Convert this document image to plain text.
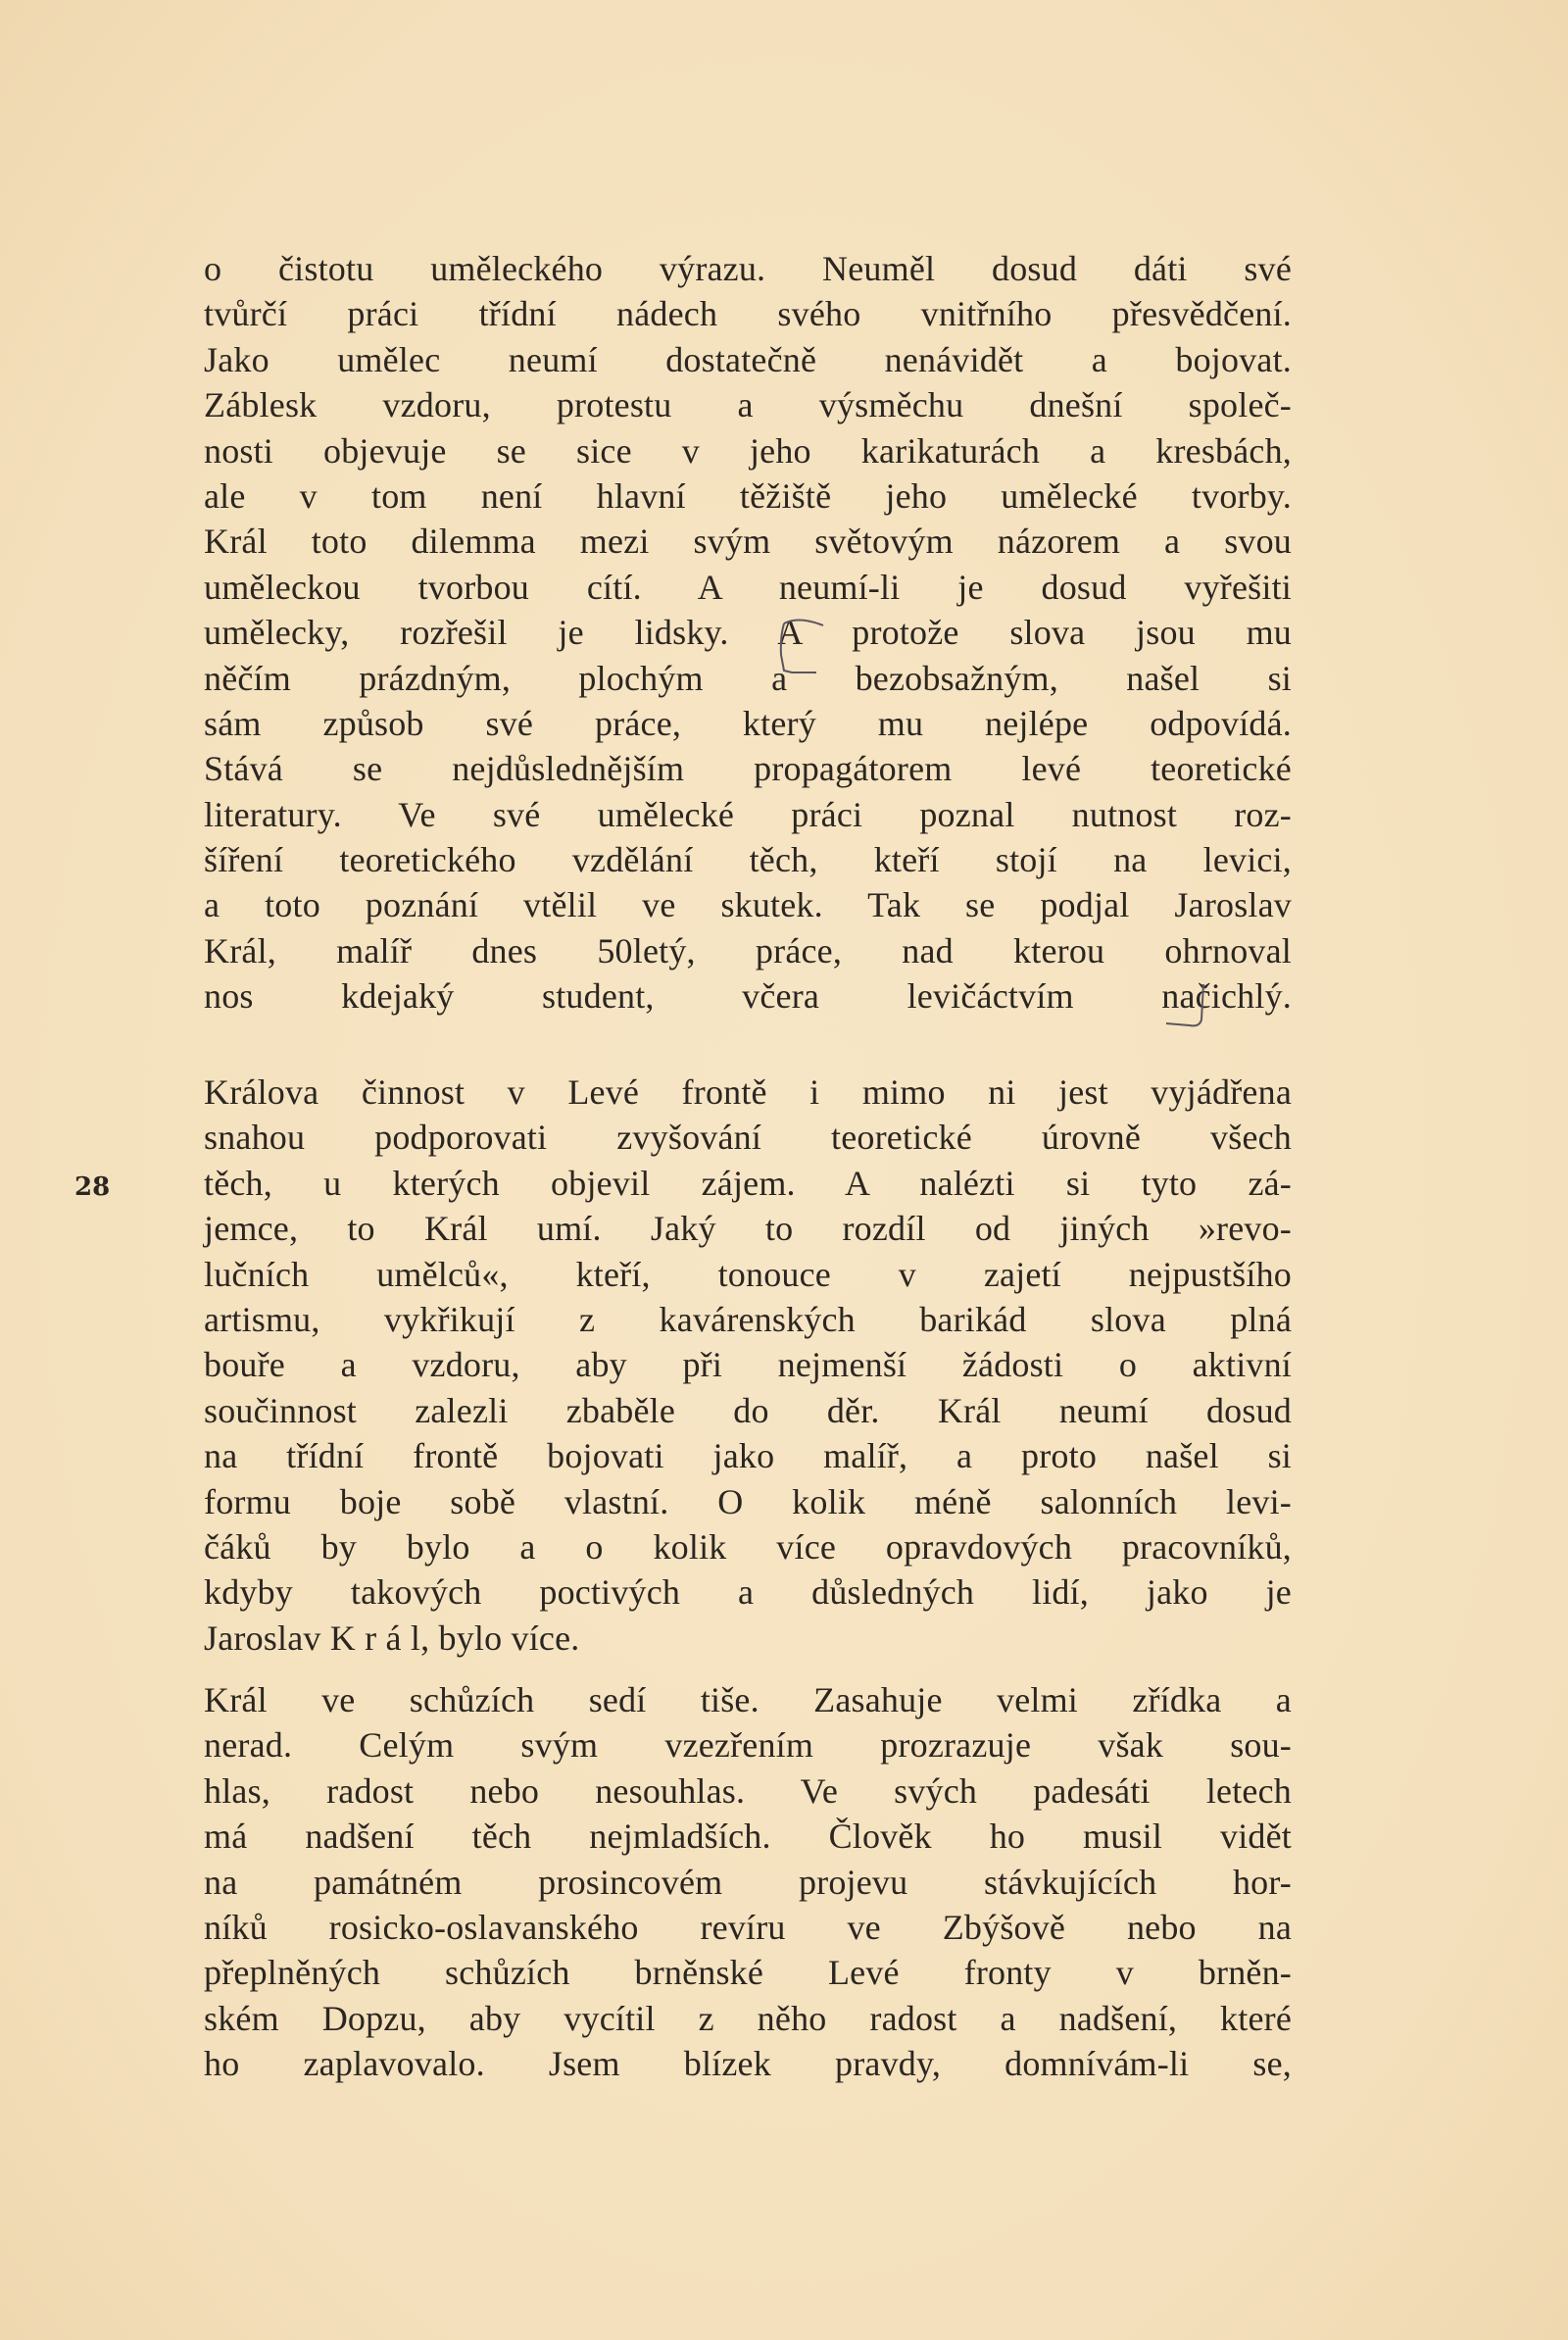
o čistotu uměleckého výrazu. Neuměl dosud dáti své
tvůrčí práci třídní nádech svého vnitřního přesvědčení.
Jako umělec neumí dostatečně nenávidět a bojovat.
Záblesk vzdoru, protestu a výsměchu dnešní společ-
nosti objevuje se sice v jeho karikaturách a kresbách,
ale v tom není hlavní těžiště jeho umělecké tvorby.
Král toto dilemma mezi svým světovým názorem a svou
uměleckou tvorbou cítí. A neumí-li je dosud vyřešiti
umělecky, rozřešil je lidsky. A protože slova jsou mu
něčím prázdným, plochým a bezobsažným, našel si
sám způsob své práce, který mu nejlépe odpovídá.
Stává se nejdůslednějším propagátorem levé teoretické
literatury. Ve své umělecké práci poznal nutnost roz-
šíření teoretického vzdělání těch, kteří stojí na levici,
a toto poznání vtělil ve skutek. Tak se podjal Jaroslav
Král, malíř dnes 50letý, práce, nad kterou ohrnoval
nos kdejaký student, včera levičáctvím načichlý.
Králova činnost v Levé frontě i mimo ni jest vyjádřena
snahou podporovati zvyšování teoretické úrovně všech
těch, u kterých objevil zájem. A nalézti si tyto zá-
jemce, to Král umí. Jaký to rozdíl od jiných »revo-
lučních umělců«, kteří, tonouce v zajetí nejpustšího
artismu, vykřikují z kavárenských barikád slova plná
bouře a vzdoru, aby při nejmenší žádosti o aktivní
součinnost zalezli zbaběle do děr. Král neumí dosud
na třídní frontě bojovati jako malíř, a proto našel si
formu boje sobě vlastní. O kolik méně salonních levi-
čáků by bylo a o kolik více opravdových pracovníků,
kdyby takových poctivých a důsledných lidí, jako je
Jaroslav K r á l, bylo více.
Král ve schůzích sedí tiše. Zasahuje velmi zřídka a
nerad. Celým svým vzezřením prozrazuje však sou-
hlas, radost nebo nesouhlas. Ve svých padesáti letech
má nadšení těch nejmladších. Člověk ho musil vidět
na památném prosincovém projevu stávkujících hor-
níků rosicko-oslavanského revíru ve Zbýšově nebo na
přeplněných schůzích brněnské Levé fronty v brněn-
ském Dopzu, aby vycítil z něho radost a nadšení, které
ho zaplavovalo. Jsem blízek pravdy, domnívám-li se,
28
